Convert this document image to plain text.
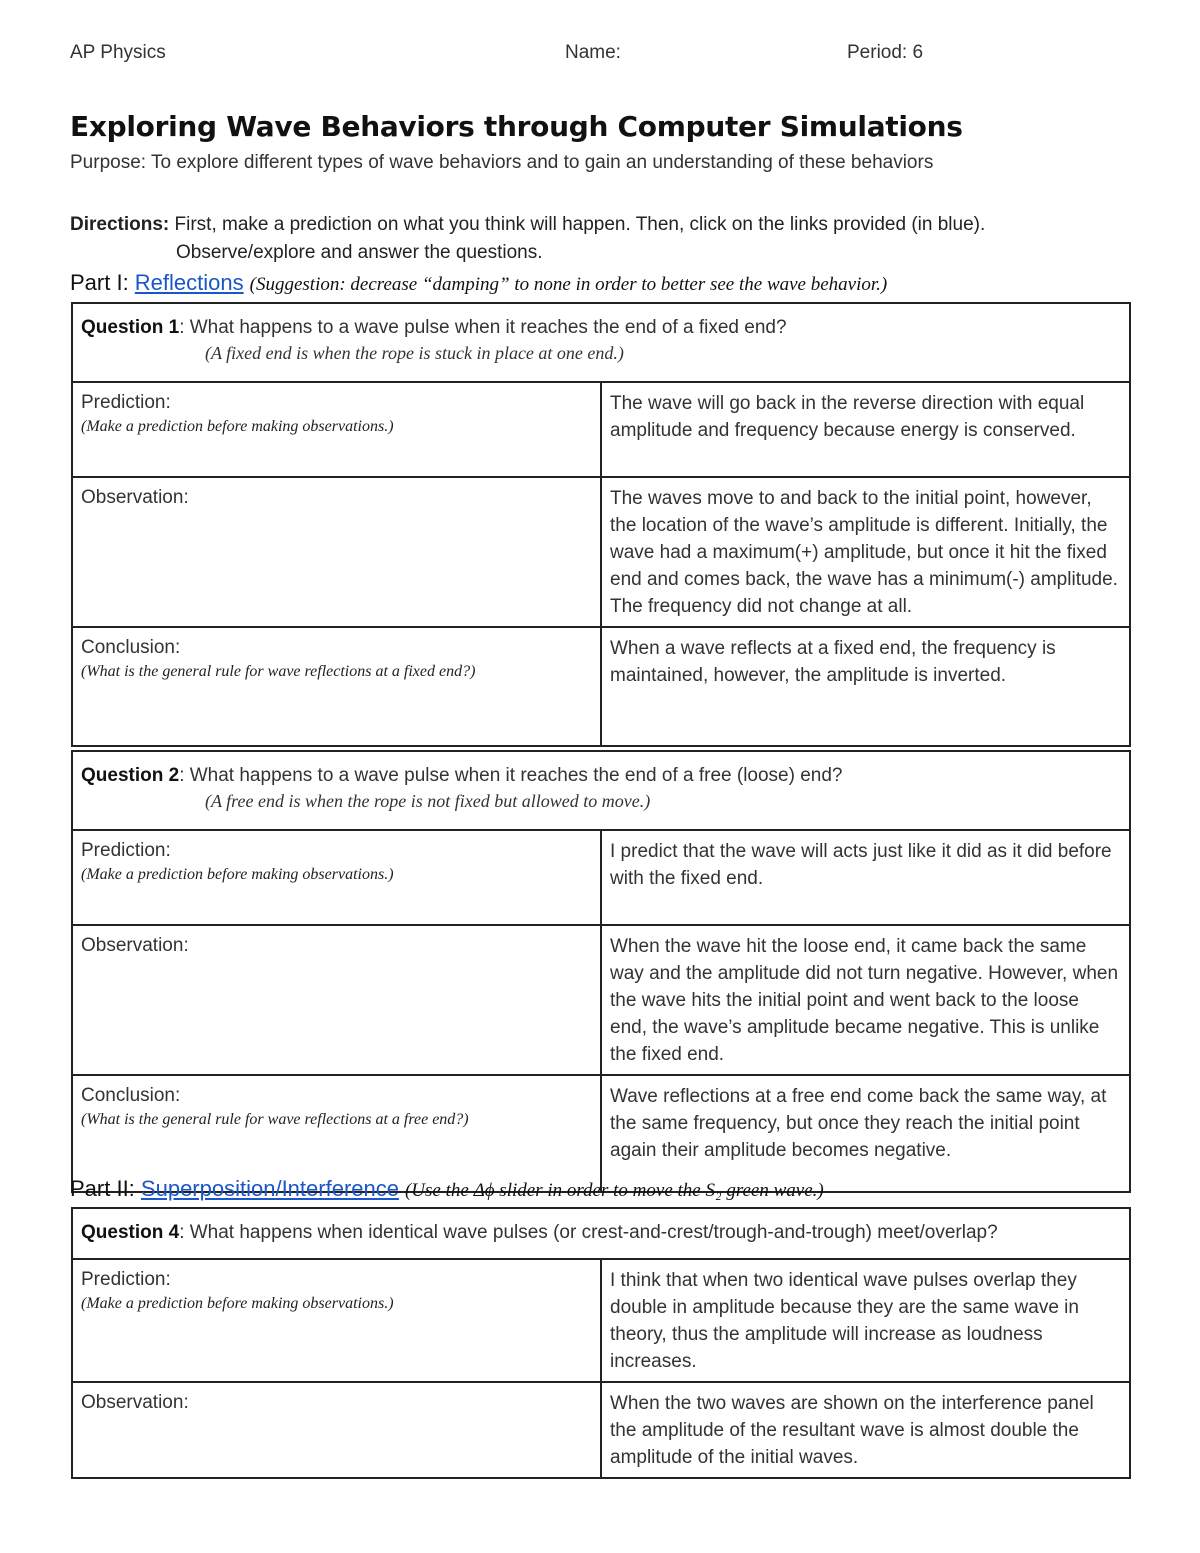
AP Physics	Name:	Period: 6
Exploring Wave Behaviors through Computer Simulations
Purpose: To explore different types of wave behaviors and to gain an understanding of these behaviors
Directions: First, make a prediction on what you think will happen. Then, click on the links provided (in blue).
Observe/explore and answer the questions.
Part I: Reflections (Suggestion: decrease “damping” to none in order to better see the wave behavior.)
Question 1: What happens to a wave pulse when it reaches the end of a fixed end?
(A fixed end is when the rope is stuck in place at one end.)	

Prediction:
(Make a prediction before making observations.)	The wave will go back in the reverse direction with equal amplitude and frequency because energy is conserved.

Observation:	The waves move to and back to the initial point, however, the location of the wave’s amplitude is different. Initially, the wave had a maximum(+) amplitude, but once it hit the fixed end and comes back, the wave has a minimum(-) amplitude. The frequency did not change at all.

Conclusion:
(What is the general rule for wave reflections at a fixed end?)	When a wave reflects at a fixed end, the frequency is maintained, however, the amplitude is inverted.
Question 2: What happens to a wave pulse when it reaches the end of a free (loose) end?
(A free end is when the rope is not fixed but allowed to move.)	

Prediction:
(Make a prediction before making observations.)	I predict that the wave will acts just like it did as it did before with the fixed end.

Observation:	When the wave hit the loose end, it came back the same way and the amplitude did not turn negative. However, when the wave hits the initial point and went back to the loose end, the wave’s amplitude became negative. This is unlike the fixed end.

Conclusion:
(What is the general rule for wave reflections at a free end?)	Wave reflections at a free end come back the same way, at the same frequency, but once they reach the initial point again their amplitude becomes negative.
Part II: Superposition/Interference (Use the Δϕ slider in order to move the S₂ green wave.)
Question 4: What happens when identical wave pulses (or crest-and-crest/trough-and-trough) meet/overlap?	

Prediction:
(Make a prediction before making observations.)	I think that when two identical wave pulses overlap they double in amplitude because they are the same wave in theory, thus the amplitude will increase as loudness increases.

Observation:	When the two waves are shown on the interference panel the amplitude of the resultant wave is almost double the amplitude of the initial waves.
